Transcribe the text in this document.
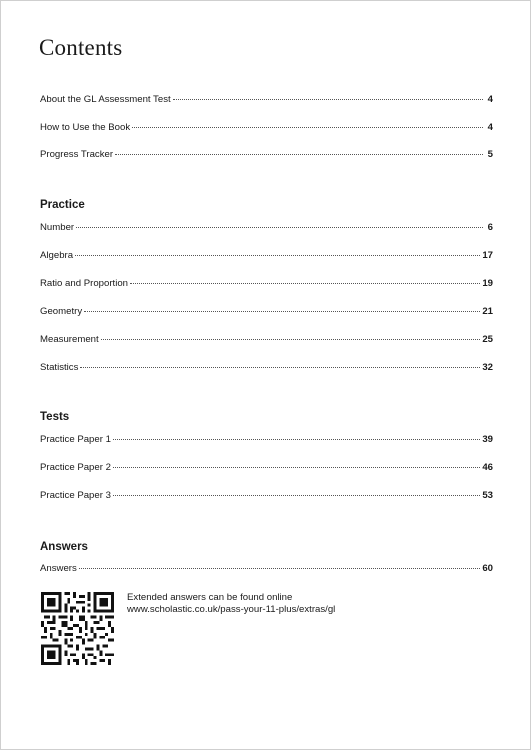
Contents
About the GL Assessment Test	4
How to Use the Book	4
Progress Tracker	5
Practice
Number	6
Algebra	17
Ratio and Proportion	19
Geometry	21
Measurement	25
Statistics	32
Tests
Practice Paper 1	39
Practice Paper 2	46
Practice Paper 3	53
Answers
Answers	60
Extended answers can be found online
www.scholastic.co.uk/pass-your-11-plus/extras/gl
